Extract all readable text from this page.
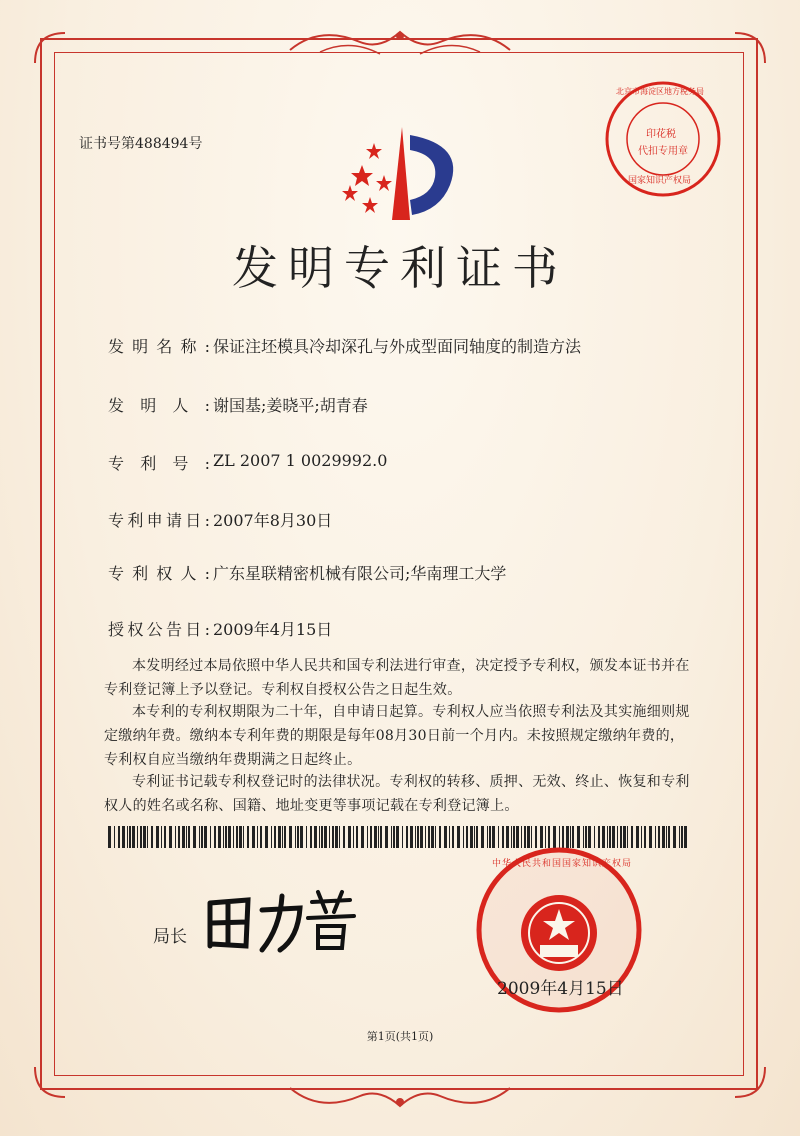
证书号第488494号
北京市海淀区地方税务局
印花税
代扣专用章
国家知识产权局
发明专利证书
发明名称: 保证注坯模具冷却深孔与外成型面同轴度的制造方法
发明人: 谢国基;姜晓平;胡青春
专利号: ZL 2007 1 0029992.0
专利申请日: 2007年8月30日
专利权人: 广东星联精密机械有限公司;华南理工大学
授权公告日: 2009年4月15日
本发明经过本局依照中华人民共和国专利法进行审查，决定授予专利权，颁发本证书并在专利登记簿上予以登记。专利权自授权公告之日起生效。
本专利的专利权期限为二十年，自申请日起算。专利权人应当依照专利法及其实施细则规定缴纳年费。缴纳本专利年费的期限是每年08月30日前一个月内。未按照规定缴纳年费的，专利权自应当缴纳年费期满之日起终止。
专利证书记载专利权登记时的法律状况。专利权的转移、质押、无效、终止、恢复和专利权人的姓名或名称、国籍、地址变更等事项记载在专利登记簿上。
局长
中华人民共和国国家知识产权局
2009年4月15日
第1页(共1页)
